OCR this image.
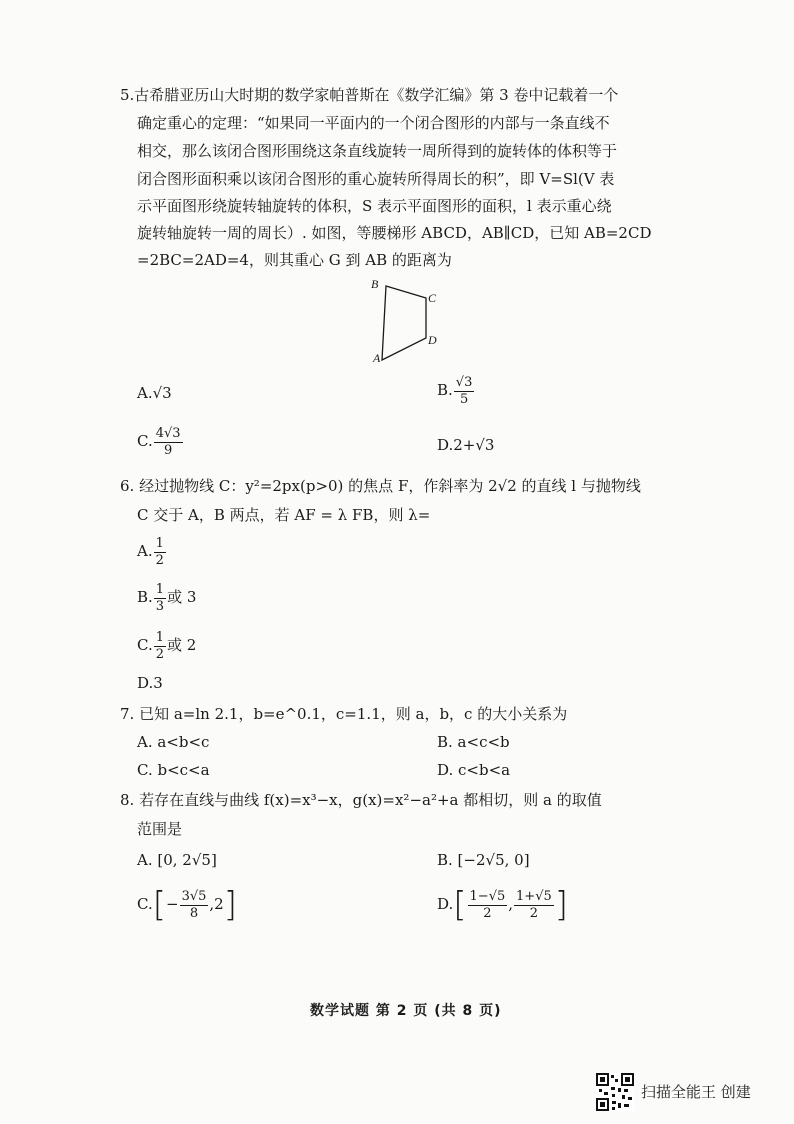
5.古希腊亚历山大时期的数学家帕普斯在《数学汇编》第 3 卷中记载着一个
确定重心的定理：“如果同一平面内的一个闭合图形的内部与一条直线不
相交，那么该闭合图形围绕这条直线旋转一周所得到的旋转体的体积等于
闭合图形面积乘以该闭合图形的重心旋转所得周长的积”，即 V=Sl(V 表
示平面图形绕旋转轴旋转的体积，S 表示平面图形的面积，l 表示重心绕
旋转轴旋转一周的周长）. 如图，等腰梯形 ABCD，AB∥CD，已知 AB=2CD
=2BC=2AD=4，则其重心 G 到 AB 的距离为
B
C
D
A
A.√3	B. $\frac{√3}{5}$
C. $\frac{4√3}{9}$	D.2+√3
6. 经过抛物线 C：y²=2px(p>0) 的焦点 F，作斜率为 2√2 的直线 l 与抛物线
C 交于 A，B 两点，若 AF = λ FB，则 λ=
A. $\frac{1}{2}$
B. $\frac{1}{3}$ 或 3
C. $\frac{1}{2}$ 或 2
D.3
7. 已知 a=ln 2.1，b=e^0.1，c=1.1，则 a，b，c 的大小关系为
A. a<b<c	B. a<c<b
C. b<c<a	D. c<b<a
8. 若存在直线与曲线 f(x)=x³−x，g(x)=x²−a²+a 都相切，则 a 的取值
范围是
A. [0, 2√5]	B. [−2√5, 0]
$C.[- \frac{3√5}{8} ,2]$	$D.[ \frac{1-√5}{2}$ , $\frac{1+√5}{2}$ ]
数学试题 第 2 页 (共 8 页)
扫描全能王 创建
